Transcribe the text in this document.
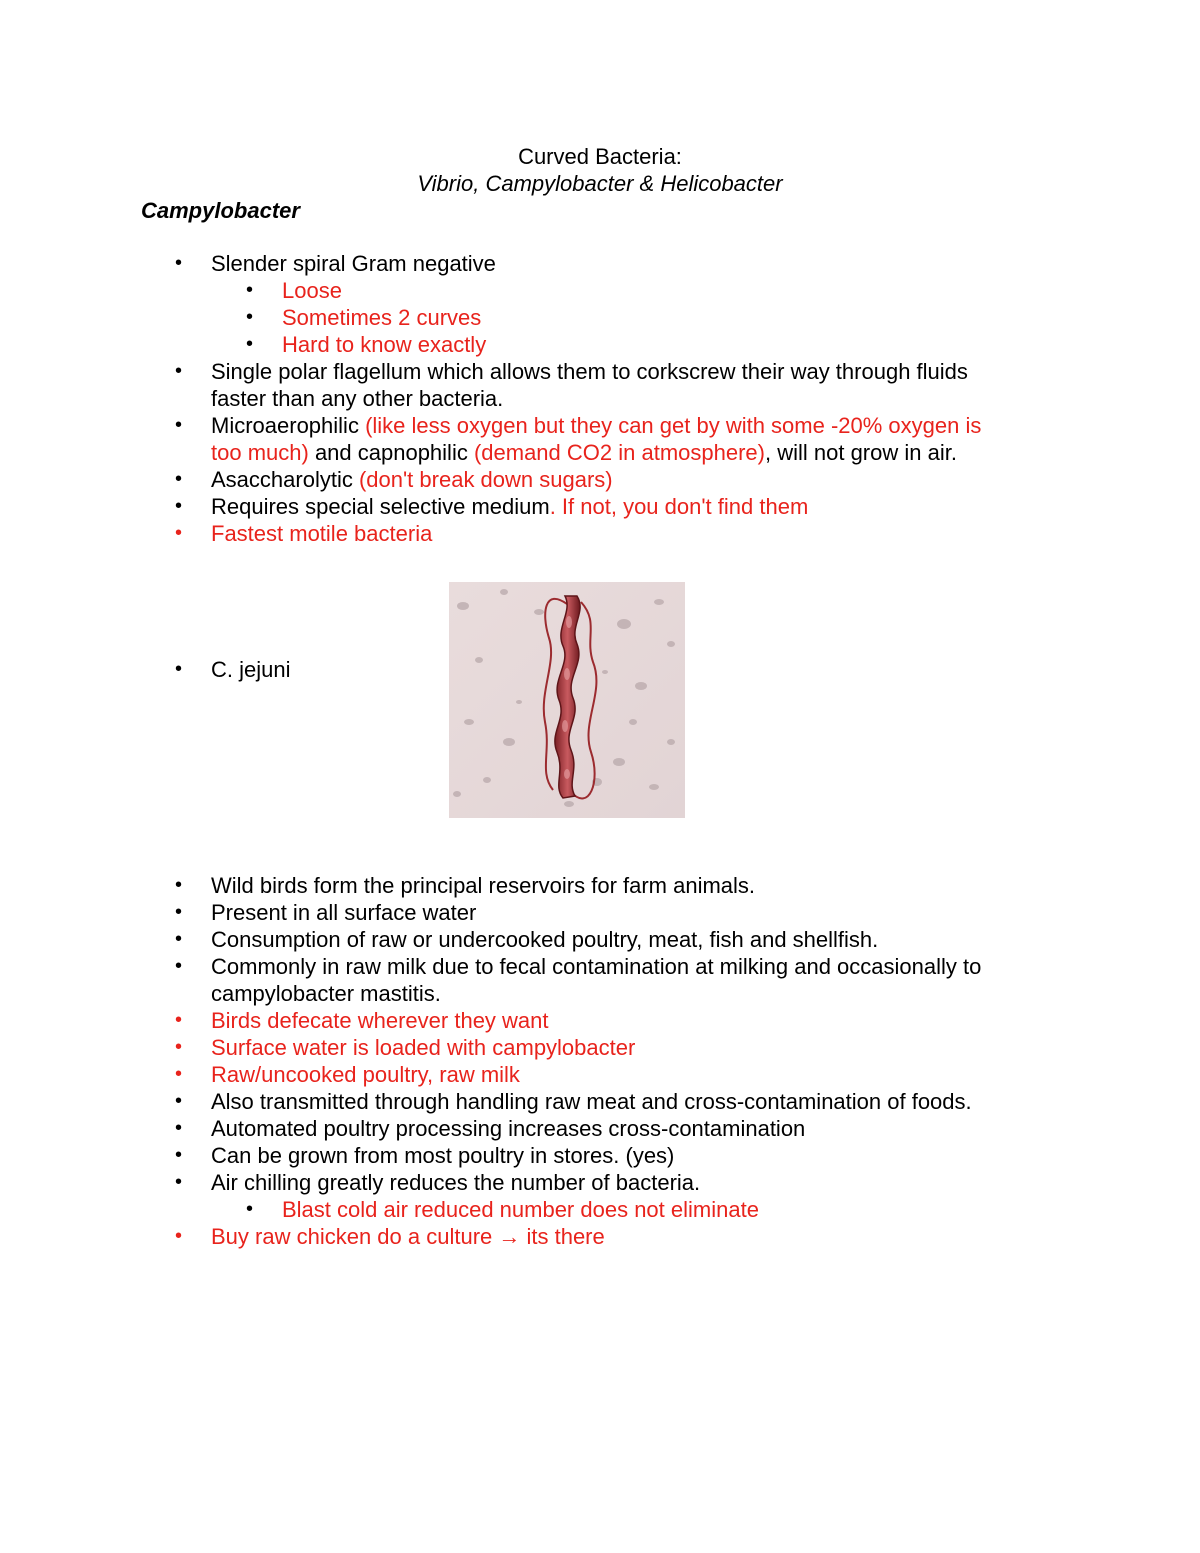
Curved Bacteria:
Vibrio, Campylobacter & Helicobacter
Campylobacter
• Slender spiral Gram negative
• Loose
• Sometimes 2 curves
• Hard to know exactly
• Single polar flagellum which allows them to corkscrew their way through fluids
faster than any other bacteria.
• Microaerophilic (like less oxygen but they can get by with some -20% oxygen is
too much) and capnophilic (demand CO2 in atmosphere), will not grow in air.
• Asaccharolytic (don't break down sugars)
• Requires special selective medium. If not, you don't find them
• Fastest motile bacteria
• C. jejuni
• Wild birds form the principal reservoirs for farm animals.
• Present in all surface water
• Consumption of raw or undercooked poultry, meat, fish and shellfish.
• Commonly in raw milk due to fecal contamination at milking and occasionally to
campylobacter mastitis.
• Birds defecate wherever they want
• Surface water is loaded with campylobacter
• Raw/uncooked poultry, raw milk
• Also transmitted through handling raw meat and cross-contamination of foods.
• Automated poultry processing increases cross-contamination
• Can be grown from most poultry in stores. (yes)
• Air chilling greatly reduces the number of bacteria.
• Blast cold air reduced number does not eliminate
• Buy raw chicken do a culture → its there
